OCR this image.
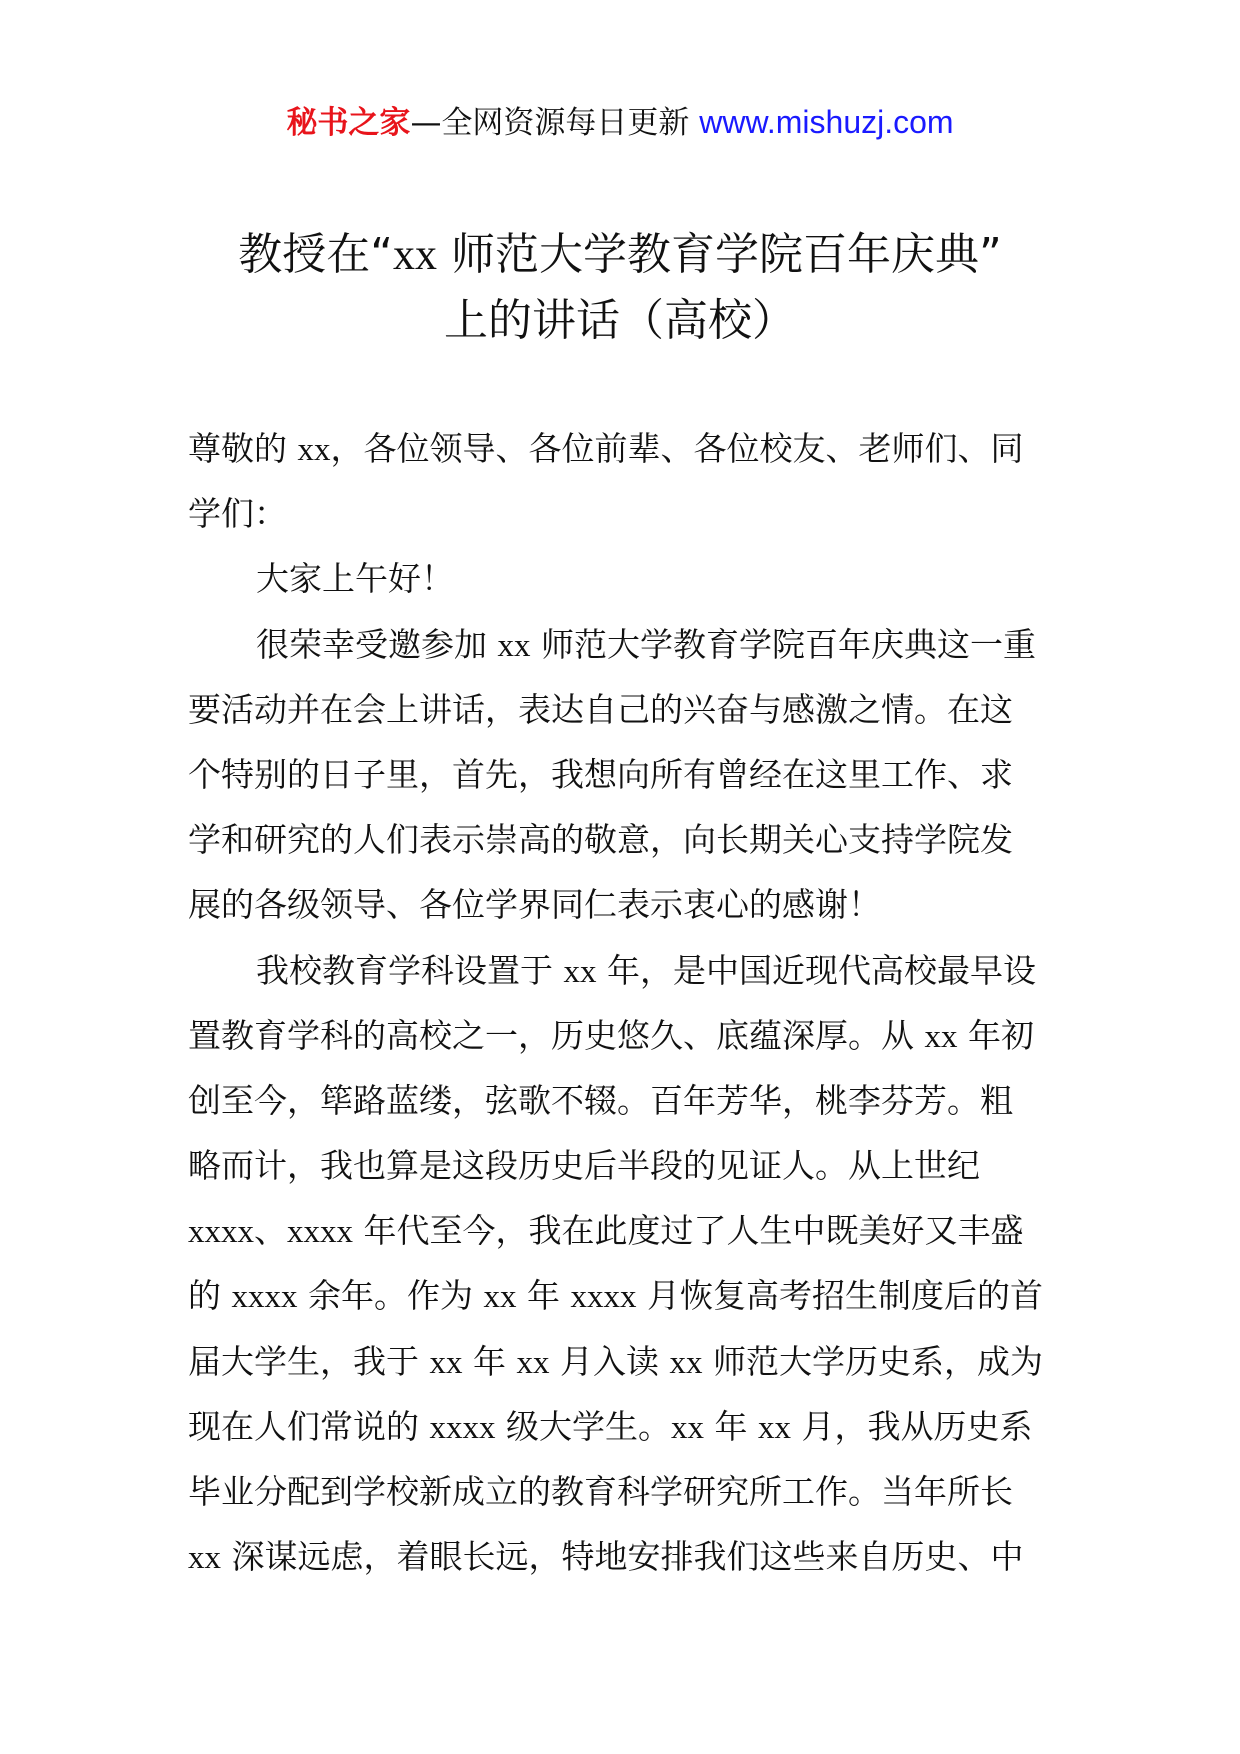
秘书之家—全网资源每日更新 www.mishuzj.com
教授在“xx 师范大学教育学院百年庆典”
上的讲话（高校）
尊敬的 xx，各位领导、各位前辈、各位校友、老师们、同
学们：
大家上午好！
很荣幸受邀参加 xx 师范大学教育学院百年庆典这一重
要活动并在会上讲话，表达自己的兴奋与感激之情。在这
个特别的日子里，首先，我想向所有曾经在这里工作、求
学和研究的人们表示崇高的敬意，向长期关心支持学院发
展的各级领导、各位学界同仁表示衷心的感谢！
我校教育学科设置于 xx 年，是中国近现代高校最早设
置教育学科的高校之一，历史悠久、底蕴深厚。从 xx 年初
创至今，筚路蓝缕，弦歌不辍。百年芳华，桃李芬芳。粗
略而计，我也算是这段历史后半段的见证人。从上世纪
xxxx、xxxx 年代至今，我在此度过了人生中既美好又丰盛
的 xxxx 余年。作为 xx 年 xxxx 月恢复高考招生制度后的首
届大学生，我于 xx 年 xx 月入读 xx 师范大学历史系，成为
现在人们常说的 xxxx 级大学生。xx 年 xx 月，我从历史系
毕业分配到学校新成立的教育科学研究所工作。当年所长
xx 深谋远虑，着眼长远，特地安排我们这些来自历史、中
